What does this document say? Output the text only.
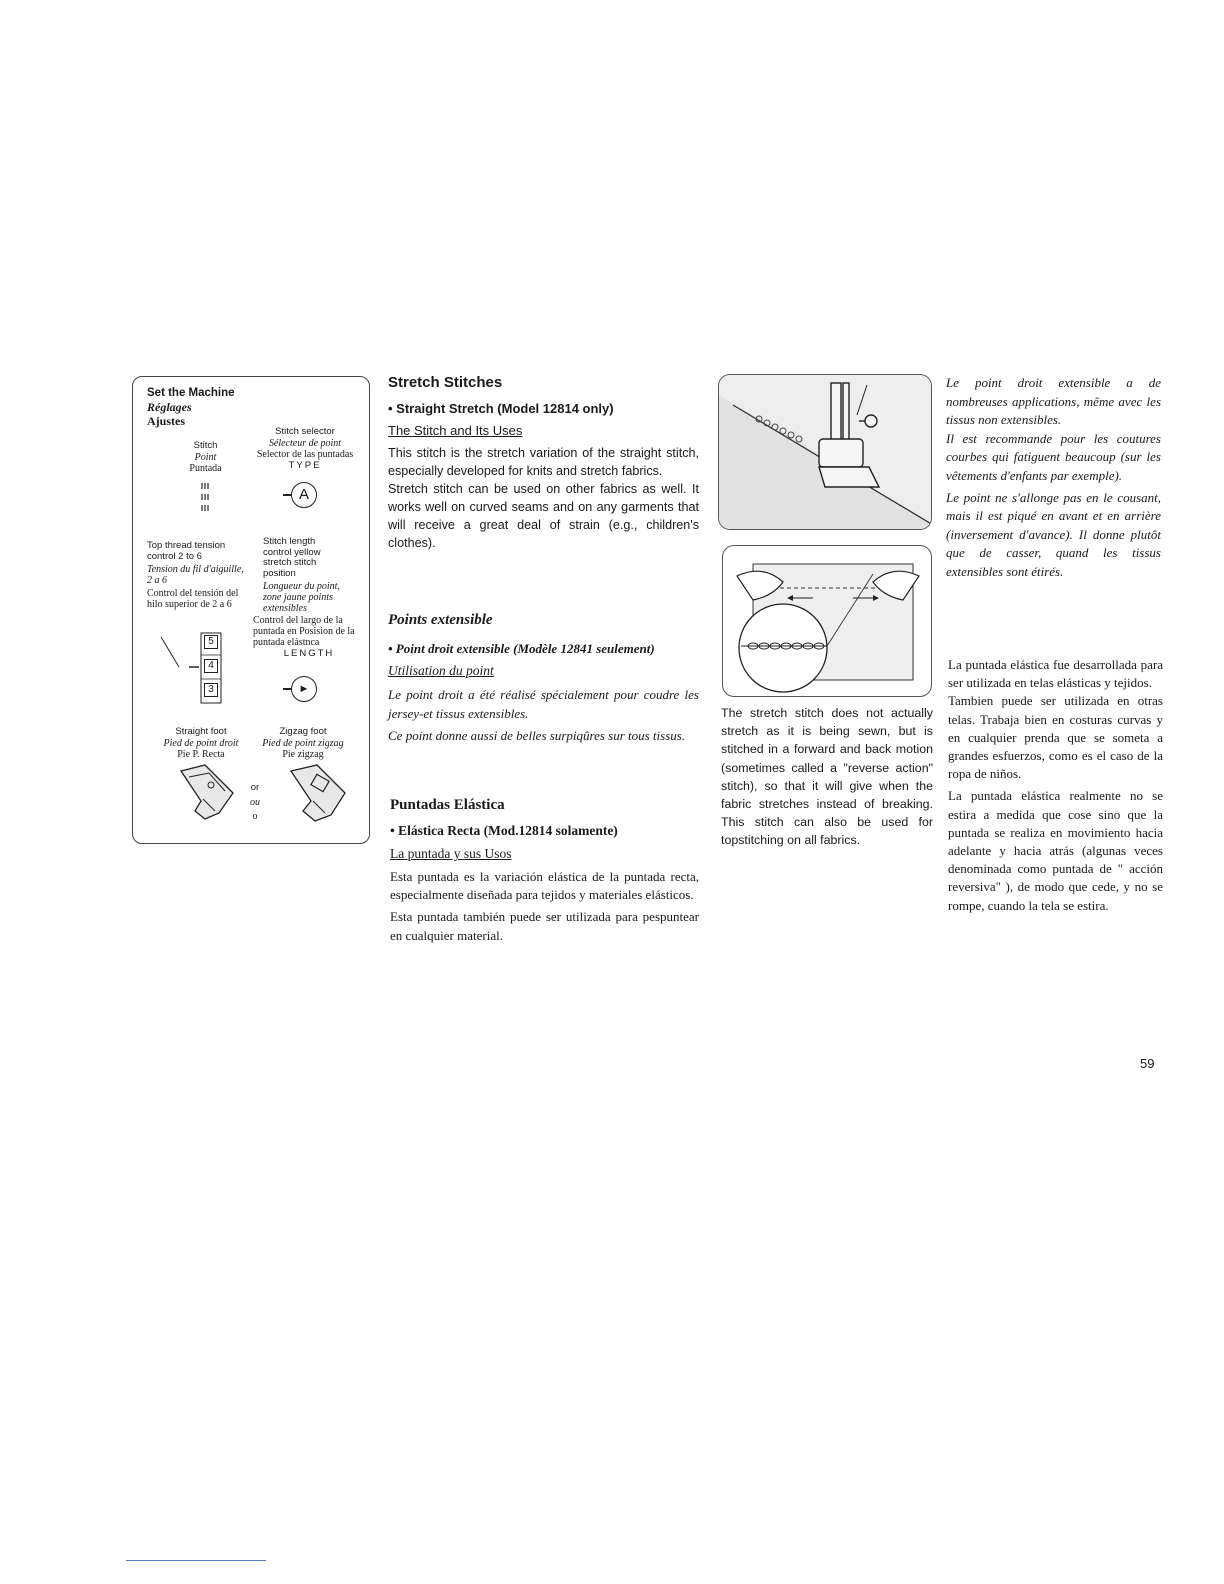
Set the Machine
Réglages
Ajustes
Stitch
Point
Puntada
Stitch selector
Sélecteur de point
Selector de las puntadas
TYPE
A
Top thread tension control 2 to 6
Tension du fil d'aiguille, 2 a 6
Control del tensión del hilo superior de 2 a 6
5
4
3
Stitch length control yellow stretch stitch position
Longueur du point, zone jaune points extensibles
Control del largo de la puntada en Posision de la puntada elástnca
LENGTH
►
Straight foot
Pied de point droit
Pie P. Recta
Zigzag foot
Pied de point zigzag
Pie zigzag
or
ou
o
Stretch Stitches
• Straight Stretch (Model 12814 only)
The Stitch and Its Uses

This stitch is the stretch variation of the straight stitch, especially developed for knits and stretch fabrics.

Stretch stitch can be used on other fabrics as well. It works well on curved seams and on any garments that will receive a great deal of strain (e.g., children's clothes).

Points extensible
• Point droit extensible (Modèle 12841 seulement)
Utilisation du point

Le point droit a été réalisé spécialement pour coudre les jersey-et tissus extensibles.

Ce point donne aussi de belles surpiqûres sur tous tissus.

Puntadas Elástica
• Elástica Recta (Mod.12814 solamente)
La puntada y sus Usos

Esta puntada es la variación elástica de la puntada recta, especialmente diseñada para tejidos y materiales elásticos.

Esta puntada también puede ser utilizada para pespuntear en cualquier material.

The stretch stitch does not actually stretch as it is being sewn, but is stitched in a forward and back motion (sometimes called a "reverse action" stitch), so that it will give when the fabric stretches instead of breaking. This stitch can also be used for topstitching on all fabrics.

Le point droit extensible a de nombreuses applications, même avec les tissus non extensibles.

Il est recommande pour les coutures courbes qui fatiguent beaucoup (sur les vêtements d'enfants par exemple).

Le point ne s'allonge pas en le cousant, mais il est piqué en avant et en arrière (inversement d'avance). Il donne plutôt que de casser, quand les tissus extensibles sont étirés.

La puntada elástica fue desarrollada para ser utilizada en telas elásticas y tejidos.

Tambien puede ser utilizada en otras telas. Trabaja bien en costuras curvas y en cualquier prenda que se someta a grandes esfuerzos, como es el caso de la ropa de niños.

La puntada elástica realmente no se estira a medida que cose sino que la puntada se realiza en movimiento hacia adelante y hacia atrás (algunas veces denominada como puntada de " acción reversiva" ), de modo que cede, y no se rompe, cuando la tela se estira.

59
